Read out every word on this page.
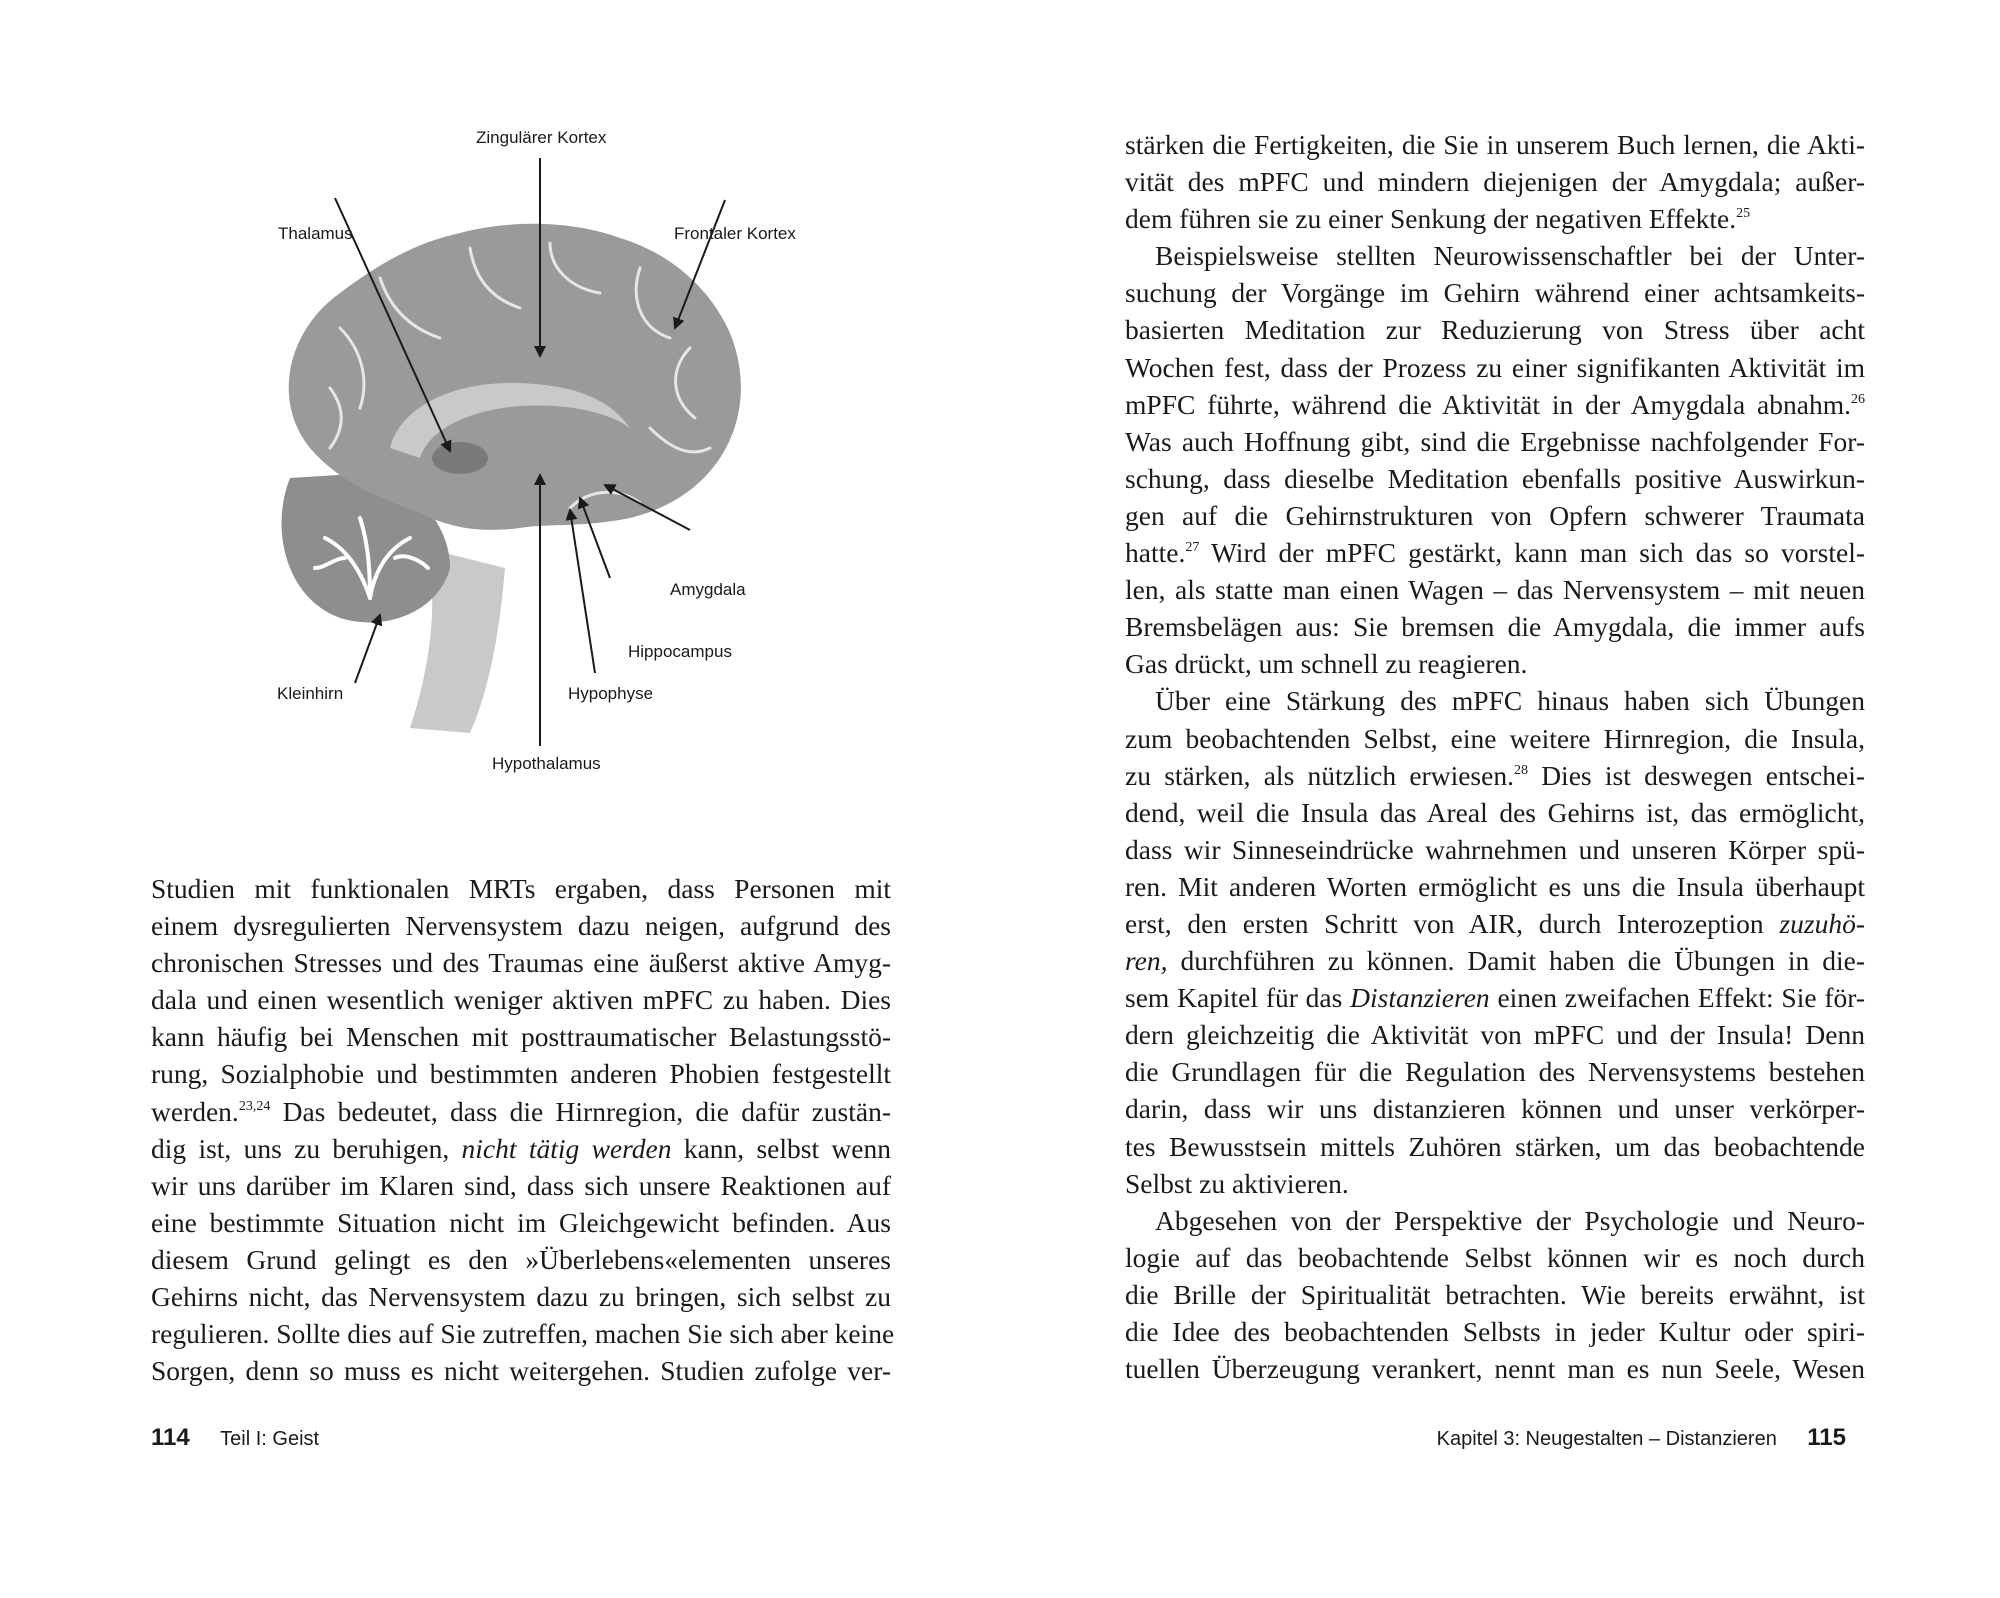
Zingulärer Kortex
Thalamus	Frontaler Kortex
Amygdala
Hippocampus
Kleinhirn	Hypophyse
Hypothalamus
Studien mit funktionalen MRTs ergaben, dass Personen mit
einem dysregulierten Nervensystem dazu neigen, aufgrund des
chronischen Stresses und des Traumas eine äußerst aktive Amyg-
dala und einen wesentlich weniger aktiven mPFC zu haben. Dies
kann häufig bei Menschen mit posttraumatischer Belastungsstö-
rung, Sozialphobie und bestimmten anderen Phobien festgestellt
werden.$^{23,24}$ Das bedeutet, dass die Hirnregion, die dafür zustän-
dig ist, uns zu beruhigen, nicht tätig werden kann, selbst wenn
wir uns darüber im Klaren sind, dass sich unsere Reaktionen auf
eine bestimmte Situation nicht im Gleichgewicht befinden. Aus
diesem Grund gelingt es den »Überlebens«elementen unseres
Gehirns nicht, das Nervensystem dazu zu bringen, sich selbst zu
regulieren. Sollte dies auf Sie zutreffen, machen Sie sich aber keine
Sorgen, denn so muss es nicht weitergehen. Studien zufolge ver-
114 Teil I: Geist
stärken die Fertigkeiten, die Sie in unserem Buch lernen, die Akti-
vität des mPFC und mindern diejenigen der Amygdala; außer-
dem führen sie zu einer Senkung der negativen Effekte.$^{25}$
Beispielsweise stellten Neurowissenschaftler bei der Unter-
suchung der Vorgänge im Gehirn während einer achtsamkeits-
basierten Meditation zur Reduzierung von Stress über acht
Wochen fest, dass der Prozess zu einer signifikanten Aktivität im
mPFC führte, während die Aktivität in der Amygdala abnahm.$^{26}$
Was auch Hoffnung gibt, sind die Ergebnisse nachfolgender For-
schung, dass dieselbe Meditation ebenfalls positive Auswirkun-
gen auf die Gehirnstrukturen von Opfern schwerer Traumata
hatte.$^{27}$ Wird der mPFC gestärkt, kann man sich das so vorstel-
len, als statte man einen Wagen – das Nervensystem – mit neuen
Bremsbelägen aus: Sie bremsen die Amygdala, die immer aufs
Gas drückt, um schnell zu reagieren.
Über eine Stärkung des mPFC hinaus haben sich Übungen
zum beobachtenden Selbst, eine weitere Hirnregion, die Insula,
zu stärken, als nützlich erwiesen.$^{28}$ Dies ist deswegen entschei-
dend, weil die Insula das Areal des Gehirns ist, das ermöglicht,
dass wir Sinneseindrücke wahrnehmen und unseren Körper spü-
ren. Mit anderen Worten ermöglicht es uns die Insula überhaupt
erst, den ersten Schritt von AIR, durch Interozeption zuzuhö-
ren, durchführen zu können. Damit haben die Übungen in die-
sem Kapitel für das Distanzieren einen zweifachen Effekt: Sie för-
dern gleichzeitig die Aktivität von mPFC und der Insula! Denn
die Grundlagen für die Regulation des Nervensystems bestehen
darin, dass wir uns distanzieren können und unser verkörper-
tes Bewusstsein mittels Zuhören stärken, um das beobachtende
Selbst zu aktivieren.
Abgesehen von der Perspektive der Psychologie und Neuro-
logie auf das beobachtende Selbst können wir es noch durch
die Brille der Spiritualität betrachten. Wie bereits erwähnt, ist
die Idee des beobachtenden Selbsts in jeder Kultur oder spiri-
tuellen Überzeugung verankert, nennt man es nun Seele, Wesen
Kapitel 3: Neugestalten – Distanzieren 115
